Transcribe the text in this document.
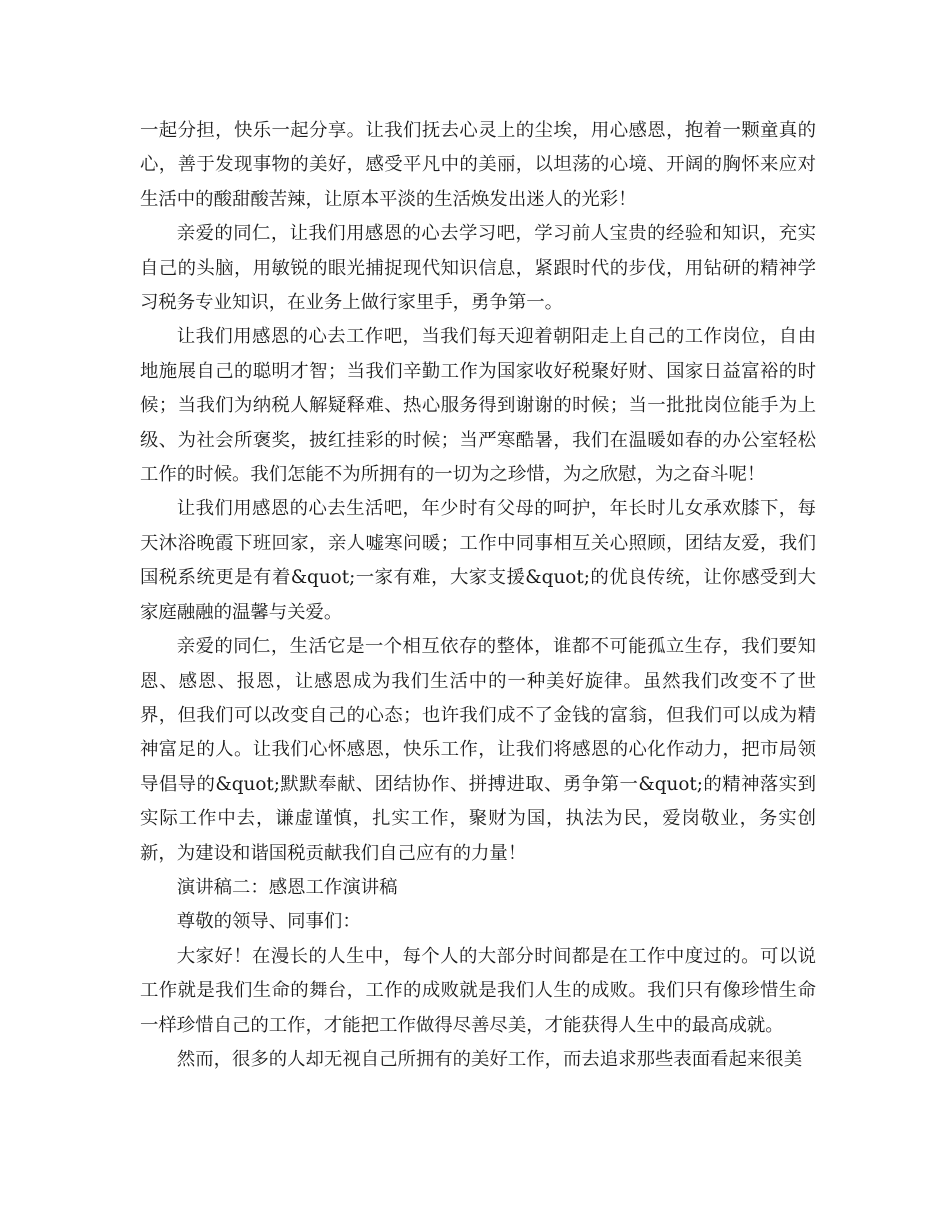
一起分担，快乐一起分享。让我们抚去心灵上的尘埃，用心感恩，抱着一颗童真的心，善于发现事物的美好，感受平凡中的美丽，以坦荡的心境、开阔的胸怀来应对生活中的酸甜酸苦辣，让原本平淡的生活焕发出迷人的光彩！

亲爱的同仁，让我们用感恩的心去学习吧，学习前人宝贵的经验和知识，充实自己的头脑，用敏锐的眼光捕捉现代知识信息，紧跟时代的步伐，用钻研的精神学习税务专业知识，在业务上做行家里手，勇争第一。

让我们用感恩的心去工作吧，当我们每天迎着朝阳走上自己的工作岗位，自由地施展自己的聪明才智；当我们辛勤工作为国家收好税聚好财、国家日益富裕的时候；当我们为纳税人解疑释难、热心服务得到谢谢的时候；当一批批岗位能手为上级、为社会所褒奖，披红挂彩的时候；当严寒酷暑，我们在温暖如春的办公室轻松工作的时候。我们怎能不为所拥有的一切为之珍惜，为之欣慰，为之奋斗呢！

让我们用感恩的心去生活吧，年少时有父母的呵护，年长时儿女承欢膝下，每天沐浴晚霞下班回家，亲人嘘寒问暖；工作中同事相互关心照顾，团结友爱，我们国税系统更是有着&quot;一家有难，大家支援&quot;的优良传统，让你感受到大家庭融融的温馨与关爱。

亲爱的同仁，生活它是一个相互依存的整体，谁都不可能孤立生存，我们要知恩、感恩、报恩，让感恩成为我们生活中的一种美好旋律。虽然我们改变不了世界，但我们可以改变自己的心态；也许我们成不了金钱的富翁，但我们可以成为精神富足的人。让我们心怀感恩，快乐工作，让我们将感恩的心化作动力，把市局领导倡导的&quot;默默奉献、团结协作、拼搏进取、勇争第一&quot;的精神落实到实际工作中去，谦虚谨慎，扎实工作，聚财为国，执法为民，爱岗敬业，务实创新，为建设和谐国税贡献我们自己应有的力量！

演讲稿二：感恩工作演讲稿

尊敬的领导、同事们：

大家好！在漫长的人生中，每个人的大部分时间都是在工作中度过的。可以说工作就是我们生命的舞台，工作的成败就是我们人生的成败。我们只有像珍惜生命一样珍惜自己的工作，才能把工作做得尽善尽美，才能获得人生中的最高成就。

然而，很多的人却无视自己所拥有的美好工作，而去追求那些表面看起来很美
